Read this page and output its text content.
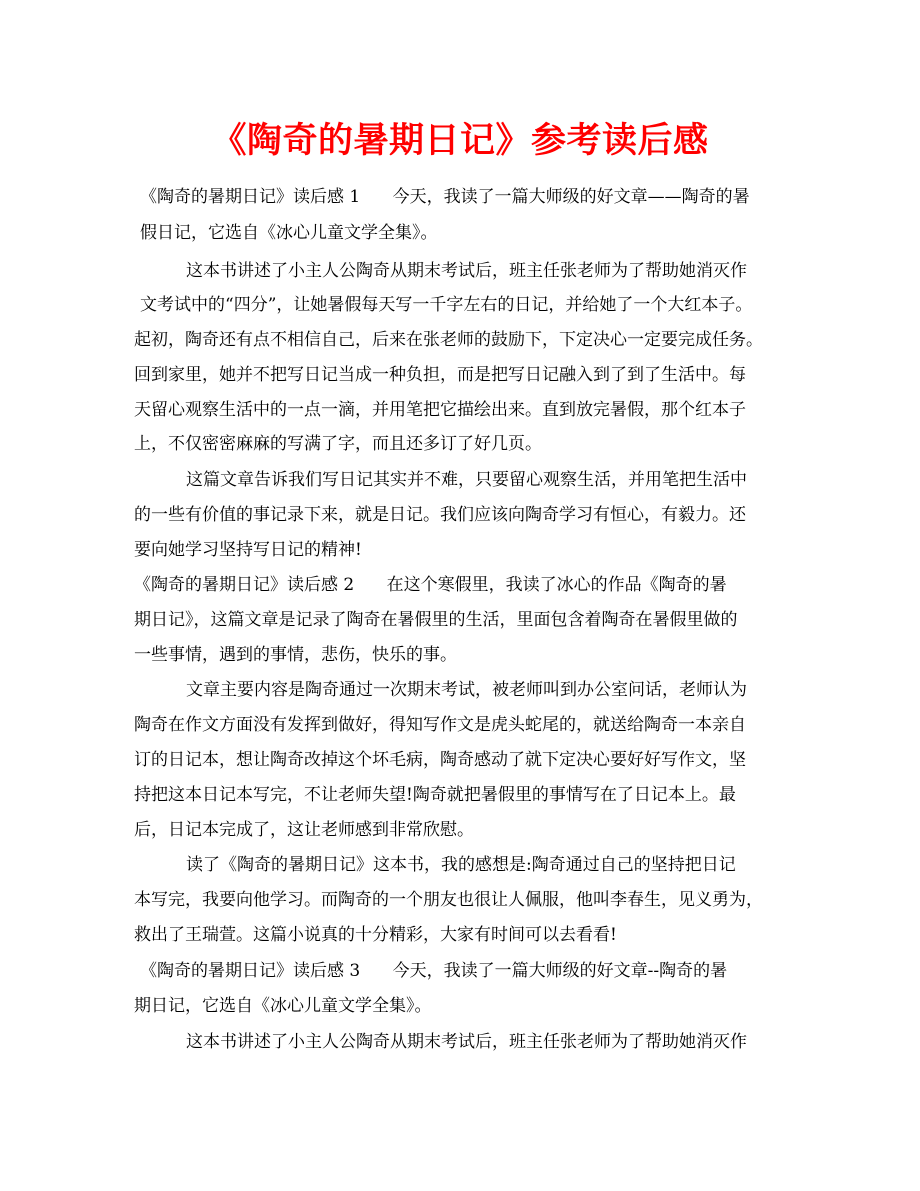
《陶奇的暑期日记》参考读后感
《陶奇的暑期日记》读后感 1      今天，我读了一篇大师级的好文章——陶奇的暑
假日记，它选自《冰心儿童文学全集》。
这本书讲述了小主人公陶奇从期末考试后，班主任张老师为了帮助她消灭作
文考试中的“四分”，让她暑假每天写一千字左右的日记，并给她了一个大红本子。
起初，陶奇还有点不相信自己，后来在张老师的鼓励下，下定决心一定要完成任务。
回到家里，她并不把写日记当成一种负担，而是把写日记融入到了到了生活中。每
天留心观察生活中的一点一滴，并用笔把它描绘出来。直到放完暑假，那个红本子
上，不仅密密麻麻的写满了字，而且还多订了好几页。
这篇文章告诉我们写日记其实并不难，只要留心观察生活，并用笔把生活中
的一些有价值的事记录下来，就是日记。我们应该向陶奇学习有恒心，有毅力。还
要向她学习坚持写日记的精神!
《陶奇的暑期日记》读后感 2      在这个寒假里，我读了冰心的作品《陶奇的暑
期日记》，这篇文章是记录了陶奇在暑假里的生活，里面包含着陶奇在暑假里做的
一些事情，遇到的事情，悲伤，快乐的事。
文章主要内容是陶奇通过一次期末考试，被老师叫到办公室问话，老师认为
陶奇在作文方面没有发挥到做好，得知写作文是虎头蛇尾的，就送给陶奇一本亲自
订的日记本，想让陶奇改掉这个坏毛病，陶奇感动了就下定决心要好好写作文，坚
持把这本日记本写完，不让老师失望!陶奇就把暑假里的事情写在了日记本上。最
后，日记本完成了，这让老师感到非常欣慰。
读了《陶奇的暑期日记》这本书，我的感想是:陶奇通过自己的坚持把日记
本写完，我要向他学习。而陶奇的一个朋友也很让人佩服，他叫李春生，见义勇为，
救出了王瑞萱。这篇小说真的十分精彩，大家有时间可以去看看!
《陶奇的暑期日记》读后感 3      今天，我读了一篇大师级的好文章--陶奇的暑
期日记，它选自《冰心儿童文学全集》。
这本书讲述了小主人公陶奇从期末考试后，班主任张老师为了帮助她消灭作
